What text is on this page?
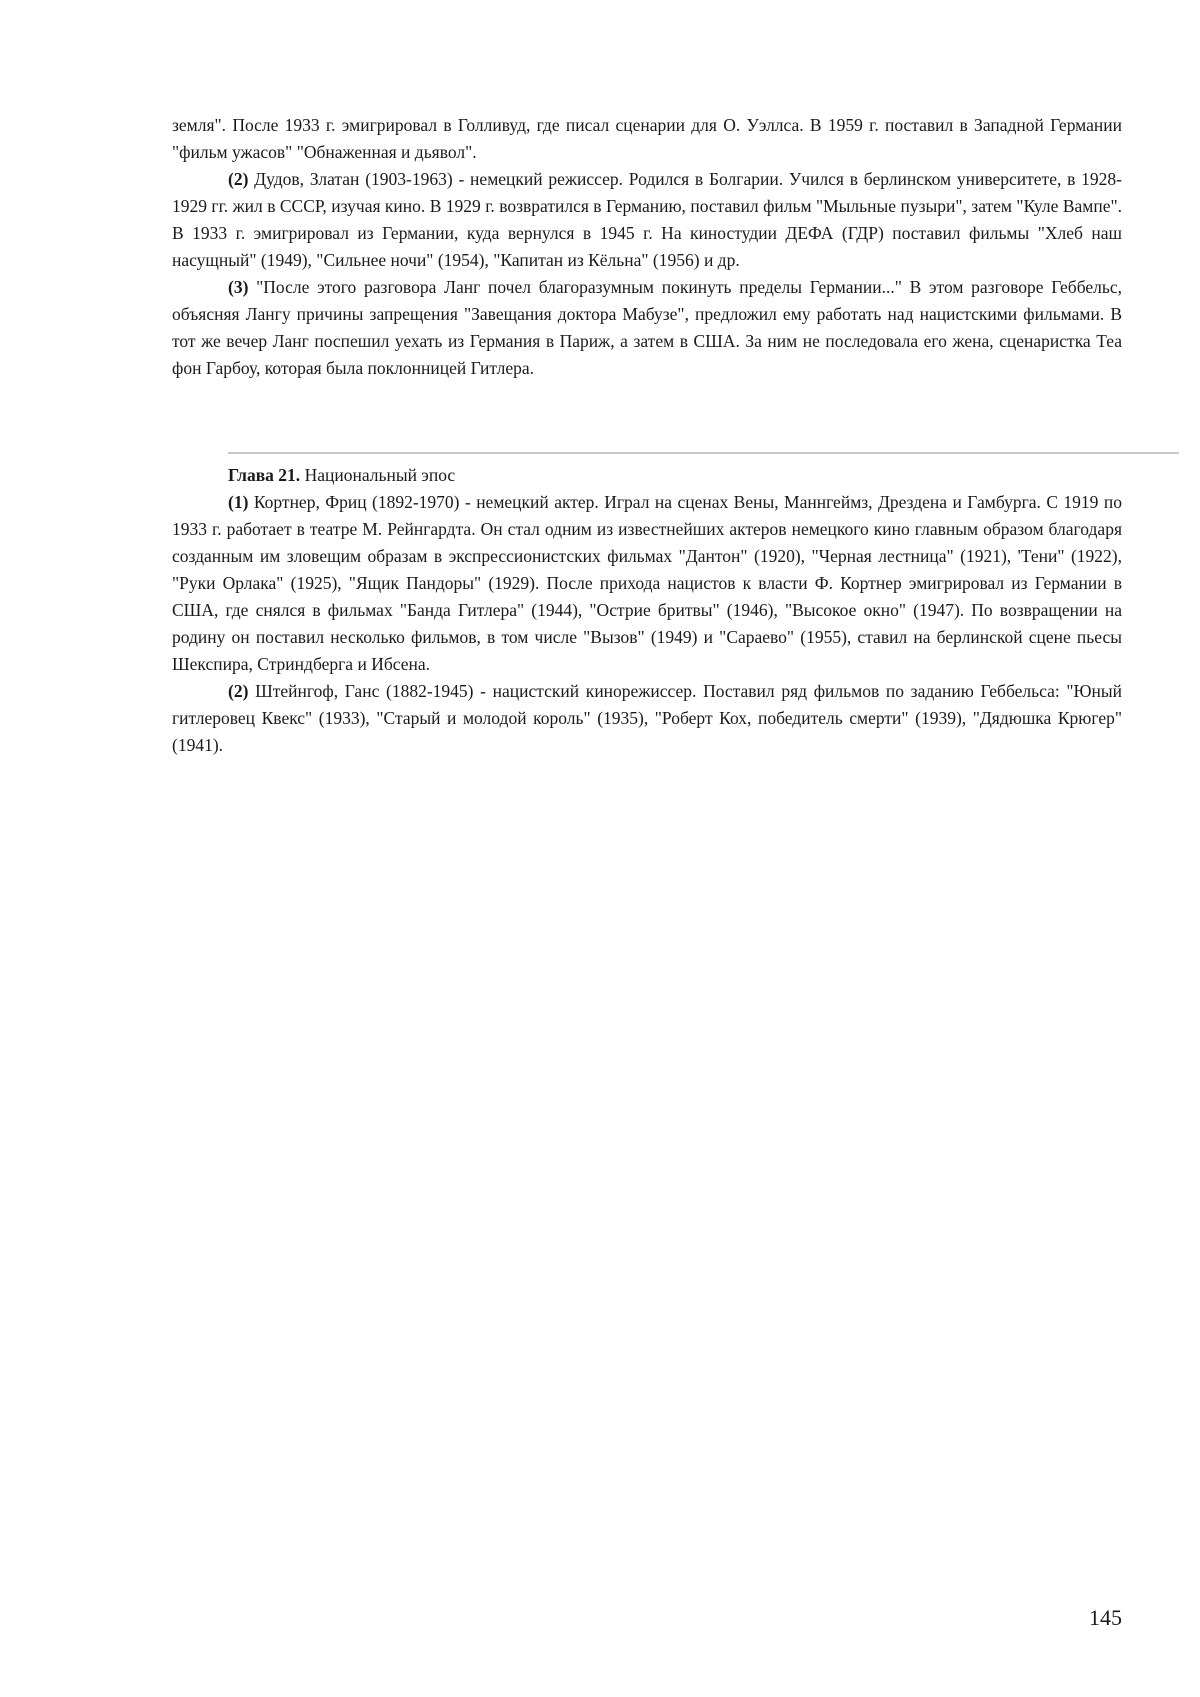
земля". После 1933 г. эмигрировал в Голливуд, где писал сценарии для О. Уэллса. В 1959 г. поставил в Западной Германии "фильм ужасов" "Обнаженная и дьявол".

(2) Дудов, Златан (1903-1963) - немецкий режиссер. Родился в Болгарии. Учился в берлинском университете, в 1928-1929 гг. жил в СССР, изучая кино. В 1929 г. возвратился в Германию, поставил фильм "Мыльные пузыри", затем "Куле Вампе". В 1933 г. эмигрировал из Германии, куда вернулся в 1945 г. На киностудии ДЕФА (ГДР) поставил фильмы "Хлеб наш насущный" (1949), "Сильнее ночи" (1954), "Капитан из Кёльна" (1956) и др.

(3) "После этого разговора Ланг почел благоразумным покинуть пределы Германии..." В этом разговоре Геббельс, объясняя Лангу причины запрещения "Завещания доктора Мабузе", предложил ему работать над нацистскими фильмами. В тот же вечер Ланг поспешил уехать из Германия в Париж, а затем в США. За ним не последовала его жена, сценаристка Теа фон Гарбоу, которая была поклонницей Гитлера.

Глава 21. Национальный эпос

(1) Кортнер, Фриц (1892-1970) - немецкий актер. Играл на сценах Вены, Маннгеймз, Дрездена и Гамбурга. С 1919 по 1933 г. работает в театре М. Рейнгардта. Он стал одним из известнейших актеров немецкого кино главным образом благодаря созданным им зловещим образам в экспрессионистских фильмах "Дантон" (1920), "Черная лестница" (1921), 'Тени" (1922), "Руки Орлака" (1925), "Ящик Пандоры" (1929). После прихода нацистов к власти Ф. Кортнер эмигрировал из Германии в США, где снялся в фильмах "Банда Гитлера" (1944), "Острие бритвы" (1946), "Высокое окно" (1947). По возвращении на родину он поставил несколько фильмов, в том числе "Вызов" (1949) и "Сараево" (1955), ставил на берлинской сцене пьесы Шекспира, Стриндберга и Ибсена.

(2) Штейнгоф, Ганс (1882-1945) - нацистский кинорежиссер. Поставил ряд фильмов по заданию Геббельса: "Юный гитлеровец Квекс" (1933), "Старый и молодой король" (1935), "Роберт Кох, победитель смерти" (1939), "Дядюшка Крюгер" (1941).

145
